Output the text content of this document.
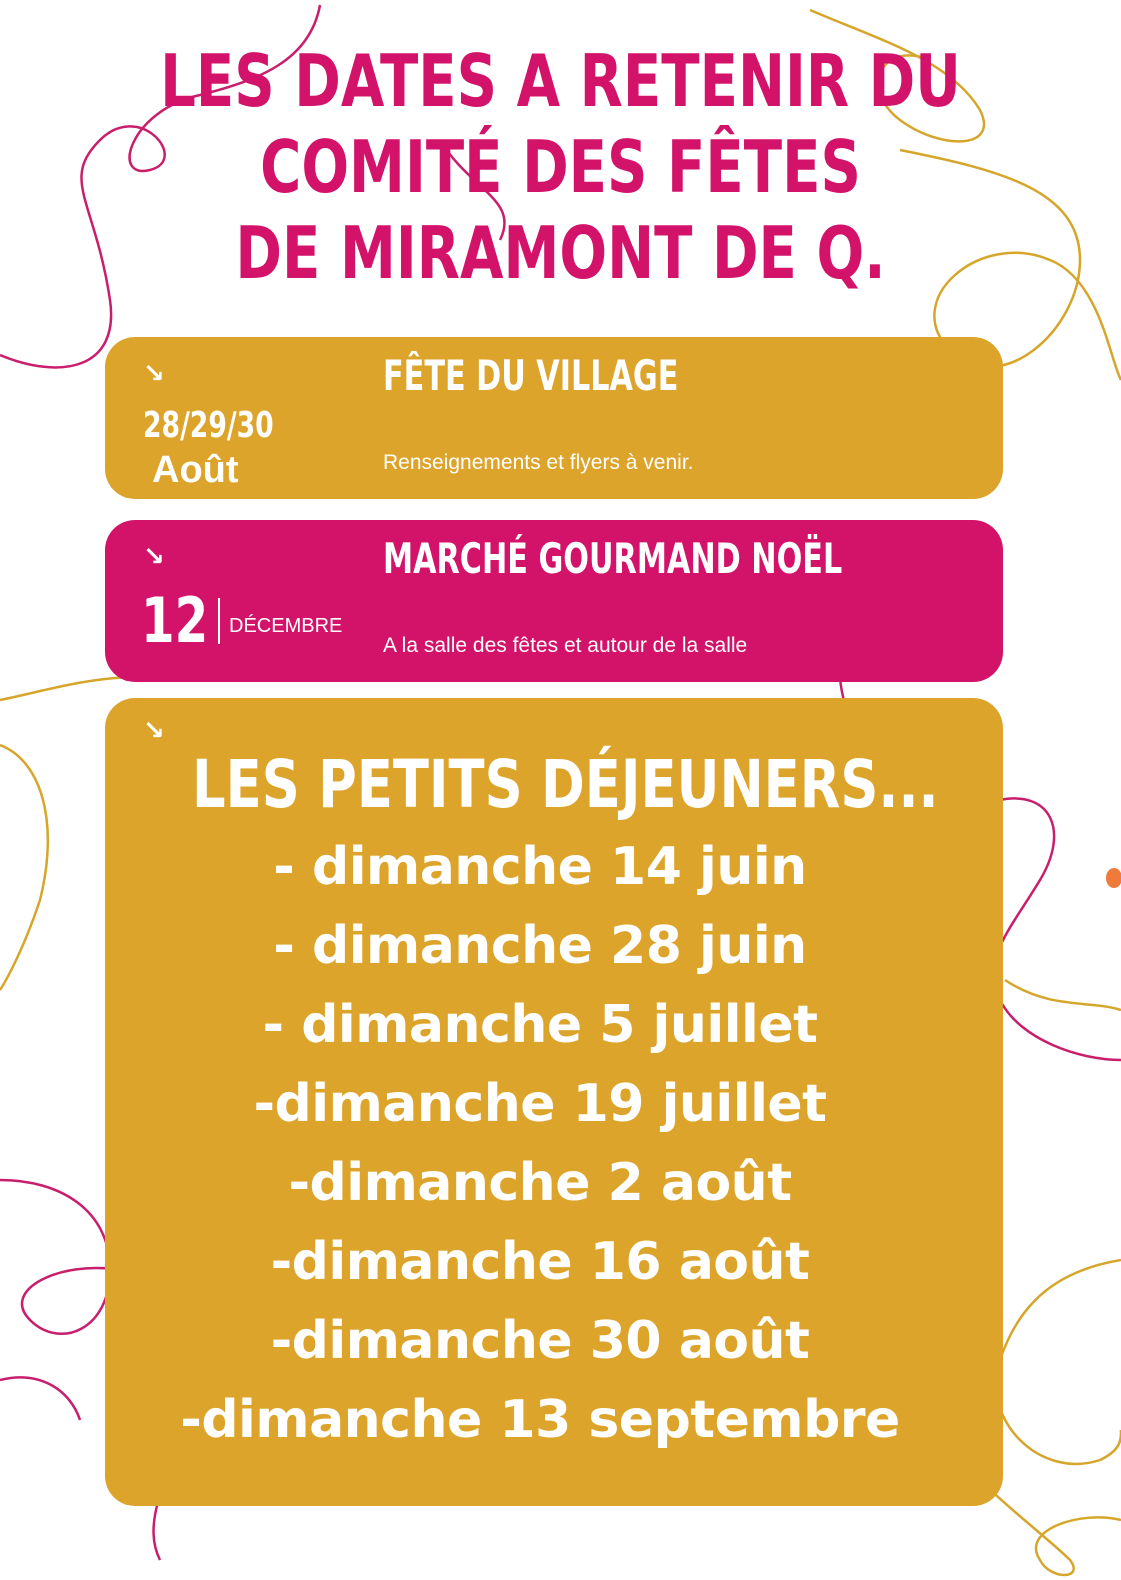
LES DATES A RETENIR DU
COMITÉ DES FÊTES
DE MIRAMONT DE Q.
↘
28/29/30
Août
FÊTE DU VILLAGE
Renseignements et flyers à venir.
↘
12 DÉCEMBRE
MARCHÉ GOURMAND NOËL
A la salle des fêtes et autour de la salle
↘
LES PETITS DÉJEUNERS...
- dimanche 14 juin
- dimanche 28 juin
- dimanche 5 juillet
-dimanche 19 juillet
-dimanche 2 août
-dimanche 16 août
-dimanche 30 août
-dimanche 13 septembre
